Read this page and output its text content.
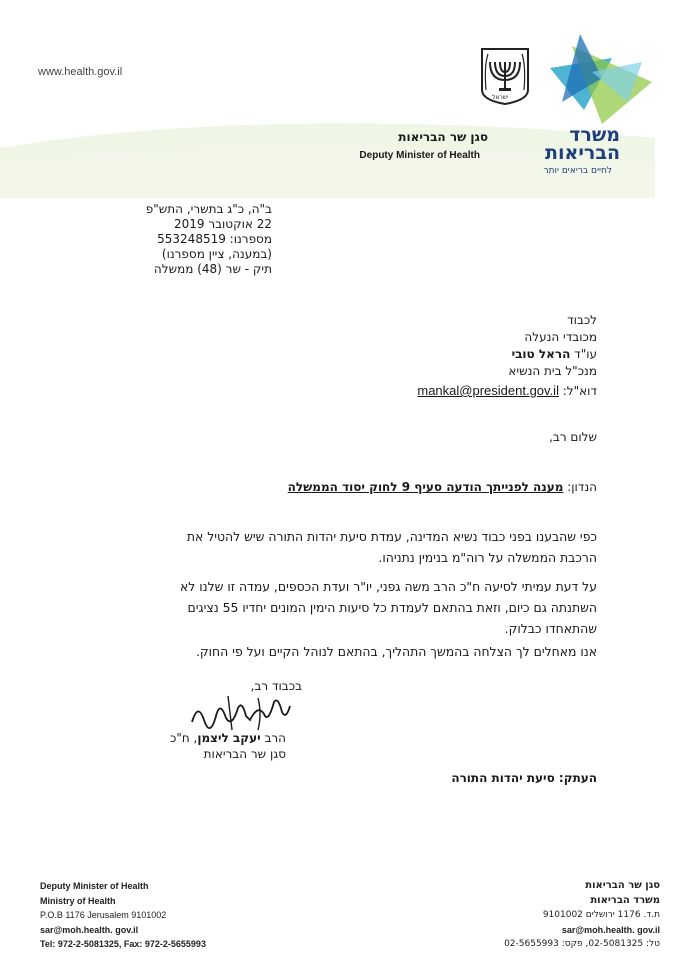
www.health.gov.il
ישראל
משרד
הבריאות
לחיים בריאים יותר
סגן שר הבריאות
Deputy Minister of Health
ב"ה, כ"ג בתשרי, התש"פ
22 אוקטובר 2019
מספרנו: 553248519
(במענה, ציין מספרנו)
תיק - שר (48) ממשלה
לכבוד
מכובדי הנעלה
עו"ד הראל טובי
מנכ"ל בית הנשיא
דוא"ל: mankal@president.gov.il
שלום רב,
הנדון: מענה לפנייתך הודעה סעיף 9 לחוק יסוד הממשלה
כפי שהבענו בפני כבוד נשיא המדינה, עמדת סיעת יהדות התורה שיש להטיל את
הרכבת הממשלה על רוה"מ בנימין נתניהו.
על דעת עמיתי לסיעה ח"כ הרב משה גפני, יו"ר ועדת הכספים, עמדה זו שלנו לא
השתנתה גם כיום, וזאת בהתאם לעמדת כל סיעות הימין המונים יחדיו 55 נציגים
שהתאחדו כבלוק.
אנו מאחלים לך הצלחה בהמשך התהליך, בהתאם לנוהל הקיים ועל פי החוק.
בכבוד רב,
הרב יעקב ליצמן, ח"כ
סגן שר הבריאות
העתק: סיעת יהדות התורה
Deputy Minister of Health
Ministry of Health
P.O.B 1176 Jerusalem 9101002
sar@moh.health. gov.il
Tel: 972-2-5081325, Fax: 972-2-5655993
סגן שר הבריאות
משרד הבריאות
ת.ד. 1176 ירושלים 9101002
sar@moh.health. gov.il
טל: 02-5081325, פקס: 02-5655993
